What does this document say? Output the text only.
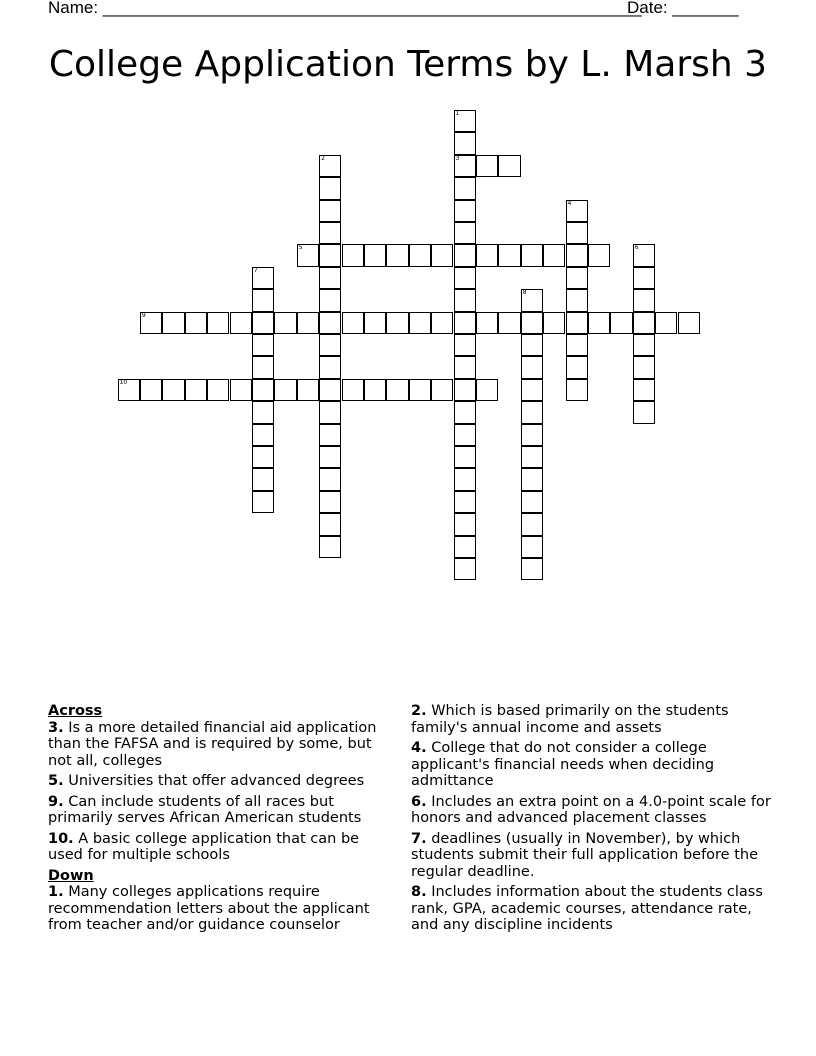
Name: _________________________________________________________
Date: _______
College Application Terms by L. Marsh 3
1
3
2
4
5	6
7
8
9
10
Across
3. Is a more detailed financial aid application than the FAFSA and is required by some, but not all, colleges
5. Universities that offer advanced degrees
9. Can include students of all races but primarily serves African American students
10. A basic college application that can be used for multiple schools
Down
1. Many colleges applications require recommendation letters about the applicant from teacher and/or guidance counselor
2. Which is based primarily on the students family's annual income and assets
4. College that do not consider a college applicant's financial needs when deciding admittance
6. Includes an extra point on a 4.0-point scale for honors and advanced placement classes
7. deadlines (usually in November), by which students submit their full application before the regular deadline.
8. Includes information about the students class rank, GPA, academic courses, attendance rate, and any discipline incidents
